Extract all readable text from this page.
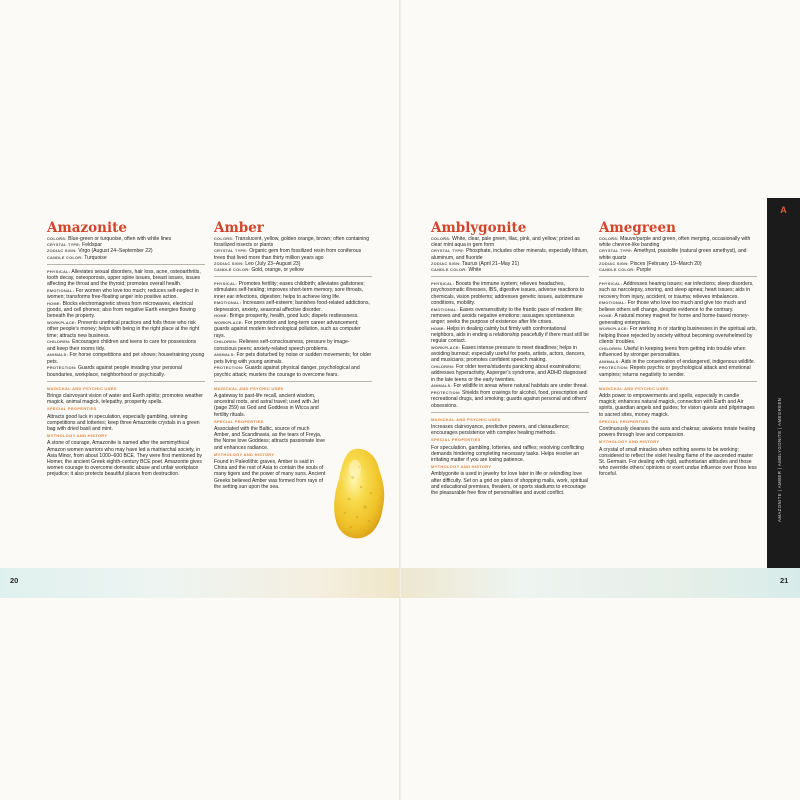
20	21
Amazonite

COLORS: Blue-green or turquoise, often with white lines

CRYSTAL TYPE: Feldspar

ZODIAC SIGN: Virgo (August 24–September 22)

CANDLE COLOR: Turquoise

PHYSICAL: Alleviates sexual disorders, hair loss, acne, osteoarthritis, tooth decay, osteoporosis, upper spine issues, breast issues, issues affecting the throat and the thyroid; promotes overall health.

EMOTIONAL: For women who love too much; reduces self-neglect in women; transforms free-floating anger into positive action.

HOME: Blocks electromagnetic stress from microwaves, electrical goods, and cell phones; also from negative Earth energies flowing beneath the property.

WORKPLACE: Prevents unethical practices and foils those who risk other people’s money; helps with being in the right place at the right time; attracts new business.

CHILDREN: Encourages children and teens to care for possessions and keep their rooms tidy.

ANIMALS: For horse competitions and pet shows; housetraining young pets.

PROTECTION: Guards against people invading your personal boundaries, workplace, neighborhood or psychically.

MAGICKAL AND PSYCHIC USES

Brings clairvoyant vision of water and Earth spirits; promotes weather magick, animal magick, telepathy, prosperity spells.

SPECIAL PROPERTIES

Attracts good luck in speculation, especially gambling, winning competitions and lotteries; keep three Amazonite crystals in a green bag with dried basil and mint.

MYTHOLOGY AND HISTORY

A stone of courage, Amazonite is named after the semimythical Amazon women warriors who may have led a matriarchal society, in Asia Minor, from about 1000–600 BCE. They were first mentioned by Homer, the ancient Greek eighth-century BCE poet. Amazonite gives women courage to overcome domestic abuse and unfair workplace prejudice; it also protects beautiful places from destruction.

Amber

COLORS: Translucent, yellow, golden orange, brown; often containing fossilized insects or plants

CRYSTAL TYPE: Organic gem from fossilized resin from coniferous trees that lived more than thirty million years ago

ZODIAC SIGN: Leo (July 23–August 23)

CANDLE COLOR: Gold, orange, or yellow

PHYSICAL: Promotes fertility; eases childbirth; alleviates gallstones; stimulates self-healing; improves short-term memory, sore throats, inner ear infections, digestion; helps to achieve long life.

EMOTIONAL: Increases self-esteem; banishes food-related addictions, depression, anxiety, seasonal affective disorder.

HOME: Brings prosperity, health, good luck; dispels restlessness.

WORKPLACE: For promotion and long-term career advancement; guards against modern technological pollution, such as computer rays.

CHILDREN: Relieves self-consciousness, pressure by image-conscious peers; anxiety-related speech problems.

ANIMALS: For pets disturbed by noise or sudden movements; for older pets living with young animals.

PROTECTION: Guards against physical danger, psychological and psychic attack; musters the courage to overcome fears.

MAGICKAL AND PSYCHIC USES

A gateway to past-life recall, ancient wisdom, ancestral roots, and astral travel; used with Jet (page 259) as God and Goddess in Wicca and fertility rituals.

SPECIAL PROPERTIES

Associated with the Baltic, source of much Amber, and Scandinavia, as the tears of Freyja, the Norse love Goddess; attracts passionate love and enhances radiance.

MYTHOLOGY AND HISTORY

Found in Paleolithic graves, Amber is said in China and the rest of Asia to contain the souls of many tigers and the power of many suns. Ancient Greeks believed Amber was formed from rays of the setting sun upon the sea.

Amblygonite

COLORS: White, clear, pale green, lilac, pink, and yellow; prized as clear mint aqua in gem form

CRYSTAL TYPE: Phosphate, includes other minerals, especially lithium, aluminum, and fluoride

ZODIAC SIGN: Taurus (April 21–May 21)

CANDLE COLOR: White

PHYSICAL: Boosts the immune system; relieves headaches, psychosomatic illnesses, IBS, digestive issues, adverse reactions to chemicals, vision problems; addresses genetic issues, autoimmune conditions, mobility.

EMOTIONAL: Eases oversensitivity to the frantic pace of modern life; removes and avoids negative emotions; assuages spontaneous anger; seeks the purpose of existence after life crises.

HOME: Helps in dealing calmly but firmly with confrontational neighbors, aids in ending a relationship peacefully if there must still be regular contact.

WORKPLACE: Eases intense pressure to meet deadlines; helps in avoiding burnout; especially useful for poets, artists, actors, dancers, and musicians; promotes confident speech making.

CHILDREN: For older teens/students panicking about examinations; addresses hyperactivity, Asperger’s syndrome, and ADHD diagnosed in the late teens or the early twenties.

ANIMALS: For wildlife in areas where natural habitats are under threat.

PROTECTION: Shields from cravings for alcohol, food, prescription and recreational drugs, and smoking; guards against personal and others’ obsessions.

MAGICKAL AND PSYCHIC USES

Increases clairvoyance, predictive powers, and clairaudience; encourages persistence with complex healing methods.

SPECIAL PROPERTIES

For speculation, gambling, lotteries, and raffles; resolving conflicting demands hindering completing necessary tasks. Helps resolve an irritating matter if you are losing patience.

MYTHOLOGY AND HISTORY

Amblygonite is used in jewelry for love later in life or rekindling love after difficulty. Set on a grid on plans of shopping malls, work, spiritual and educational premises, theaters, or sports stadiums to encourage the pleasurable free flow of personalities and avoid conflict.

Amegreen

COLORS: Mauve/purple and green, often merging, occasionally with white chevron-like banding

CRYSTAL TYPE: Amethyst, prasiolite (natural green amethyst), and white quartz

ZODIAC SIGN: Pisces (February 19–March 20)

CANDLE COLOR: Purple

PHYSICAL: Addresses hearing issues; ear infections; sleep disorders, such as narcolepsy, snoring, and sleep apnea; heart issues; aids in recovery from injury, accident, or trauma; relieves imbalances.

EMOTIONAL: For those who love too much and give too much and believe others will change, despite evidence to the contrary.

HOME: A natural money magnet for home and home-based money-generating enterprises.

WORKPLACE: For working in or starting businesses in the spiritual arts, helping those rejected by society without becoming overwhelmed by clients’ troubles.

CHILDREN: Useful in keeping teens from getting into trouble when influenced by stronger personalities.

ANIMALS: Aids in the conservation of endangered, indigenous wildlife.

PROTECTION: Repels psychic or psychological attack and emotional vampires; returns negativity to sender.

MAGICKAL AND PSYCHIC USES

Adds power to empowerments and spells, especially in candle magick; enhances natural magick, connection with Earth and Air spirits, guardian angels and guides; for vision quests and pilgrimages to sacred sites, money magick.

SPECIAL PROPERTIES

Continuously cleanses the aura and chakras; awakens innate healing powers through love and compassion.

MYTHOLOGY AND HISTORY

A crystal of small miracles when nothing seems to be working; considered to reflect the violet healing flame of the ascended master St. Germain. For dealing with rigid, authoritarian attitudes and those who override others’ opinions or exert undue influence over those less forceful.

A
AMAZONITE | AMBER | AMBLYGONITE | AMEGREEN
